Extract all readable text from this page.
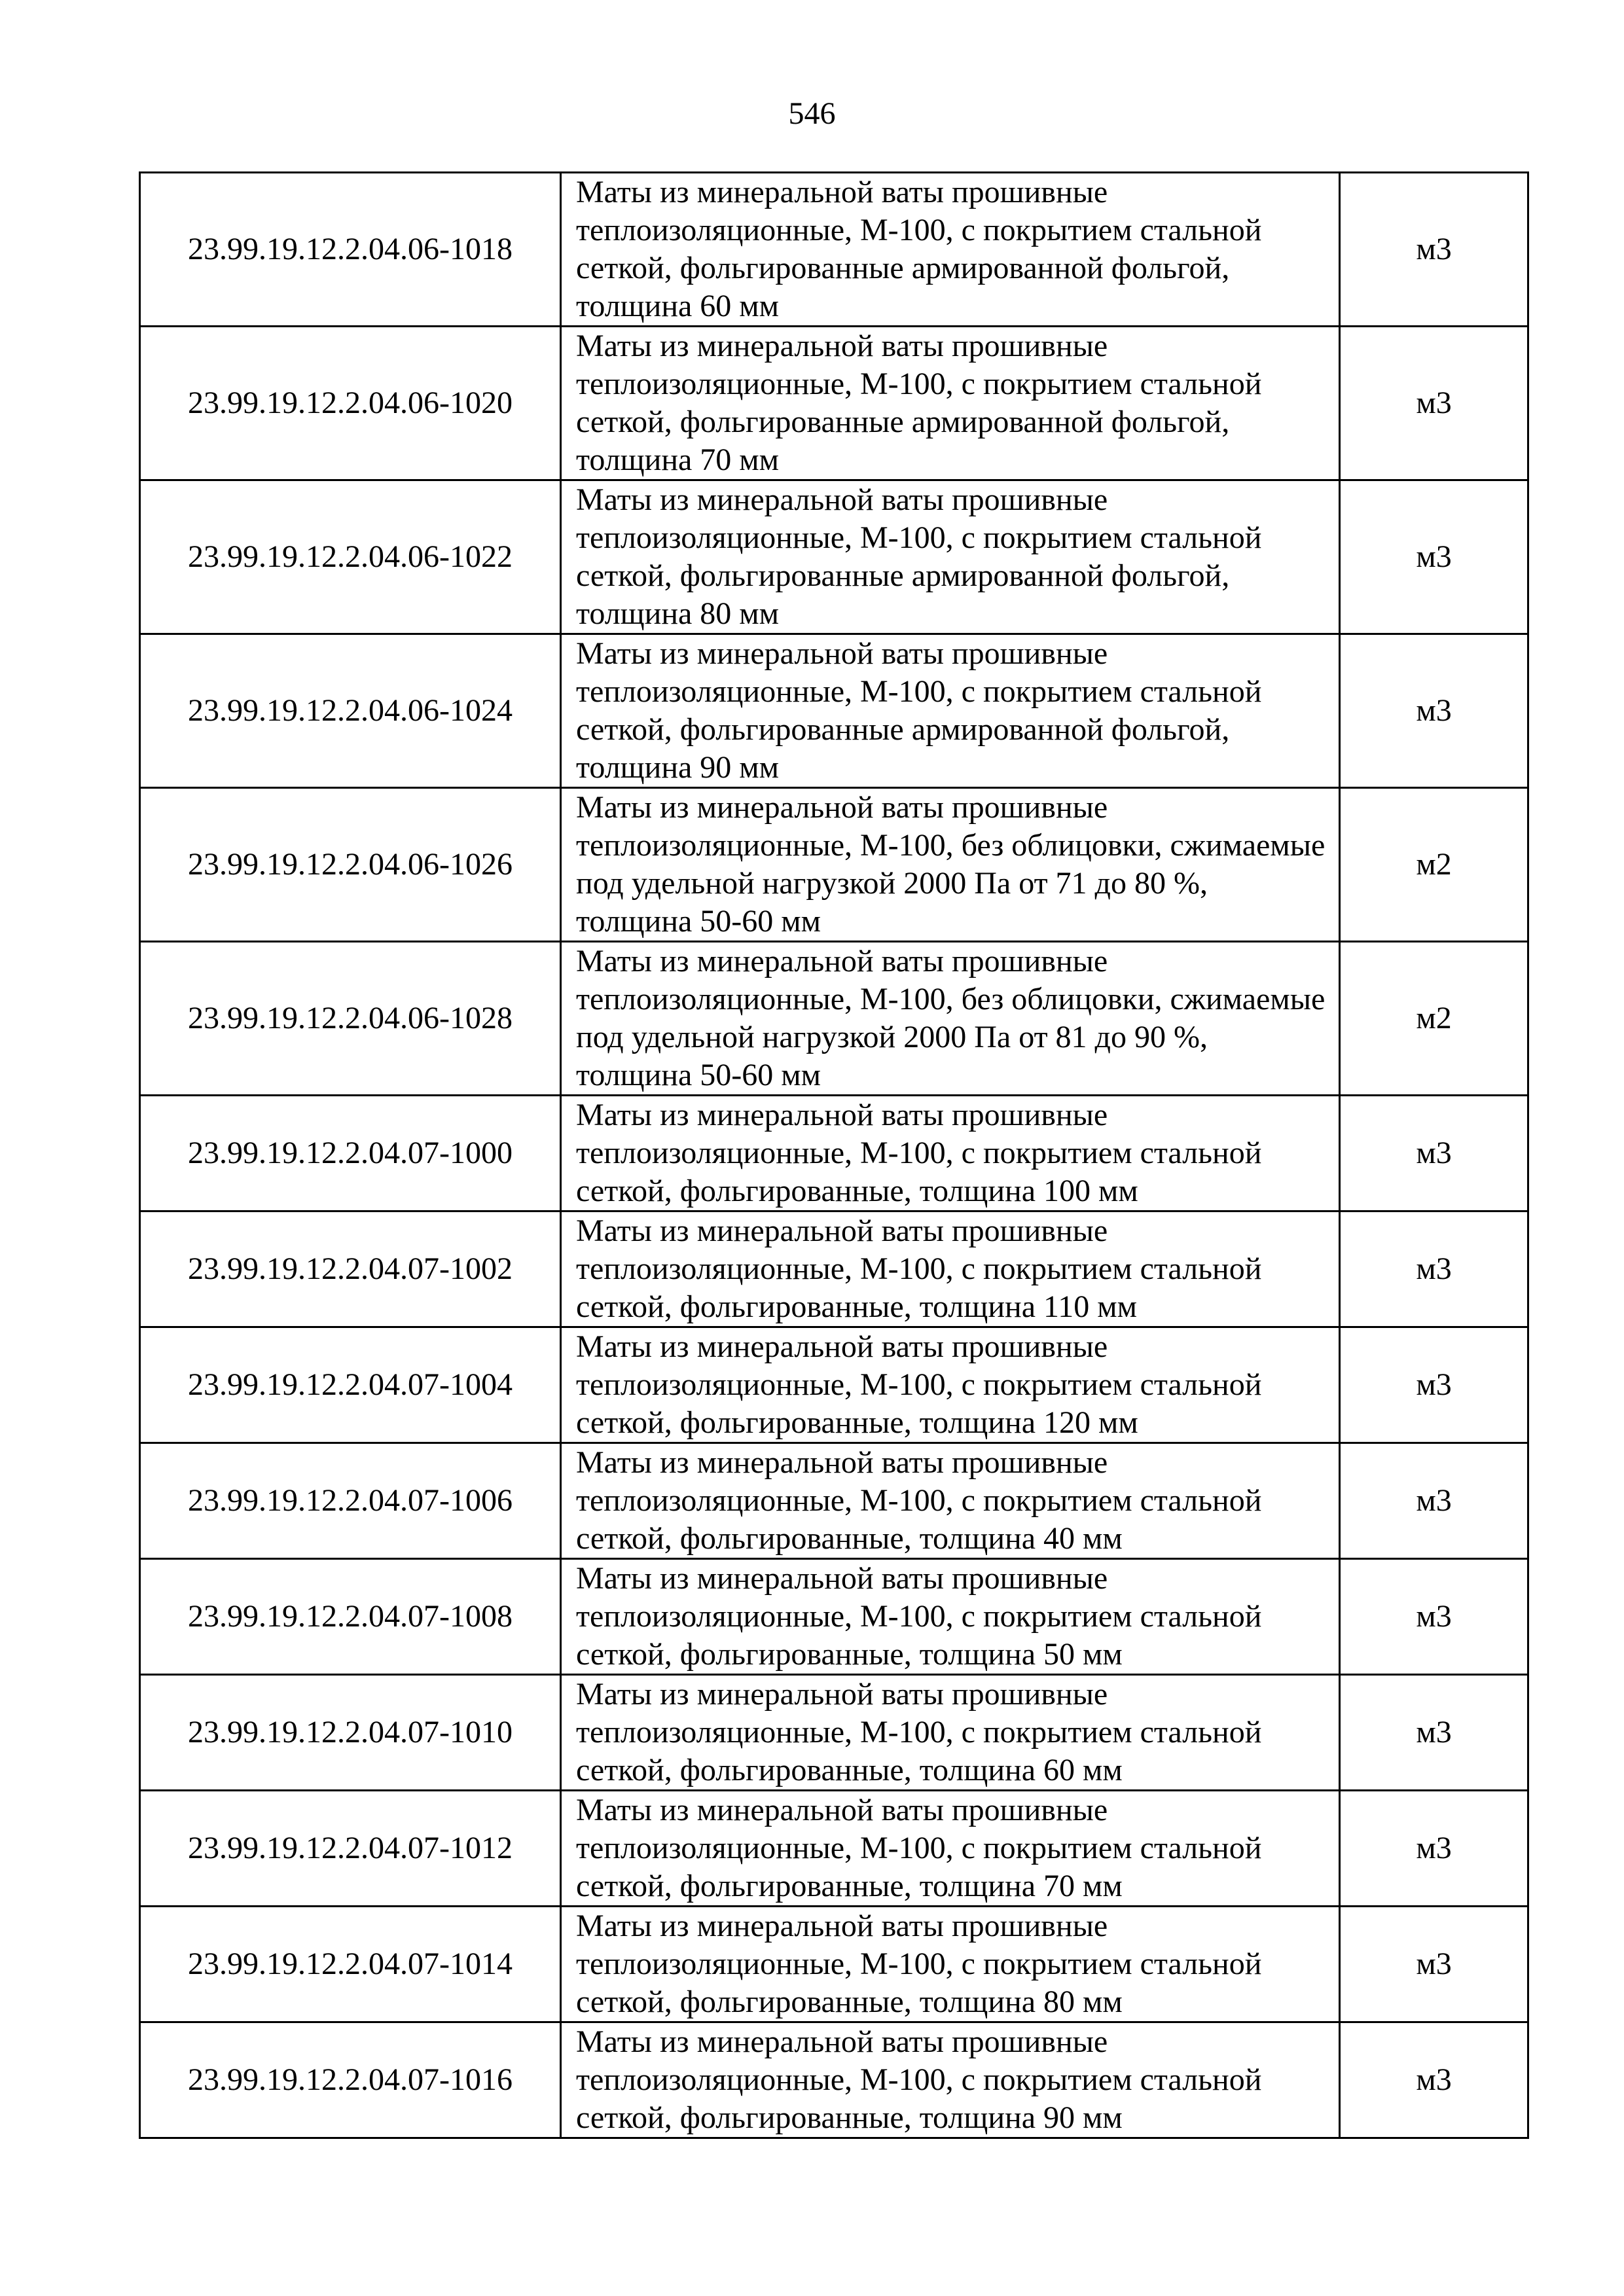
546
23.99.19.12.2.04.06-1018	Маты из минеральной ваты прошивные теплоизоляционные, М-100, с покрытием стальной сеткой, фольгированные армированной фольгой, толщина 60 мм	м3
23.99.19.12.2.04.06-1020	Маты из минеральной ваты прошивные теплоизоляционные, М-100, с покрытием стальной сеткой, фольгированные армированной фольгой, толщина 70 мм	м3
23.99.19.12.2.04.06-1022	Маты из минеральной ваты прошивные теплоизоляционные, М-100, с покрытием стальной сеткой, фольгированные армированной фольгой, толщина 80 мм	м3
23.99.19.12.2.04.06-1024	Маты из минеральной ваты прошивные теплоизоляционные, М-100, с покрытием стальной сеткой, фольгированные армированной фольгой, толщина 90 мм	м3
23.99.19.12.2.04.06-1026	Маты из минеральной ваты прошивные теплоизоляционные, М-100, без облицовки, сжимаемые под удельной нагрузкой 2000 Па от 71 до 80 %, толщина 50-60 мм	м2
23.99.19.12.2.04.06-1028	Маты из минеральной ваты прошивные теплоизоляционные, М-100, без облицовки, сжимаемые под удельной нагрузкой 2000 Па от 81 до 90 %, толщина 50-60 мм	м2
23.99.19.12.2.04.07-1000	Маты из минеральной ваты прошивные теплоизоляционные, М-100, с покрытием стальной сеткой, фольгированные, толщина 100 мм	м3
23.99.19.12.2.04.07-1002	Маты из минеральной ваты прошивные теплоизоляционные, М-100, с покрытием стальной сеткой, фольгированные, толщина 110 мм	м3
23.99.19.12.2.04.07-1004	Маты из минеральной ваты прошивные теплоизоляционные, М-100, с покрытием стальной сеткой, фольгированные, толщина 120 мм	м3
23.99.19.12.2.04.07-1006	Маты из минеральной ваты прошивные теплоизоляционные, М-100, с покрытием стальной сеткой, фольгированные, толщина 40 мм	м3
23.99.19.12.2.04.07-1008	Маты из минеральной ваты прошивные теплоизоляционные, М-100, с покрытием стальной сеткой, фольгированные, толщина 50 мм	м3
23.99.19.12.2.04.07-1010	Маты из минеральной ваты прошивные теплоизоляционные, М-100, с покрытием стальной сеткой, фольгированные, толщина 60 мм	м3
23.99.19.12.2.04.07-1012	Маты из минеральной ваты прошивные теплоизоляционные, М-100, с покрытием стальной сеткой, фольгированные, толщина 70 мм	м3
23.99.19.12.2.04.07-1014	Маты из минеральной ваты прошивные теплоизоляционные, М-100, с покрытием стальной сеткой, фольгированные, толщина 80 мм	м3
23.99.19.12.2.04.07-1016	Маты из минеральной ваты прошивные теплоизоляционные, М-100, с покрытием стальной сеткой, фольгированные, толщина 90 мм	м3
